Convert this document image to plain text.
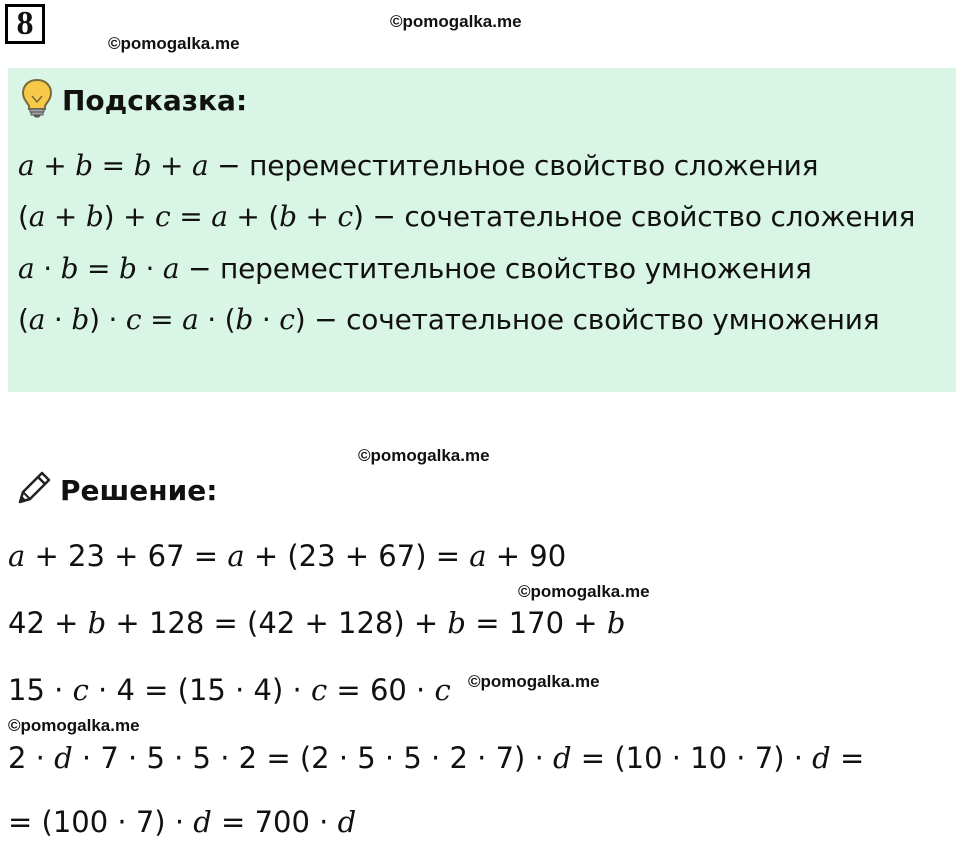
8	©pomogalka.me
©pomogalka.me
©pomogalka.me
©pomogalka.me
©pomogalka.me
©pomogalka.me
Подсказка:
a + b = b + a − переместительное свойство сложения
(a + b) + c = a + (b + c) − сочетательное свойство сложения
a · b = b · a − переместительное свойство умножения
(a · b) · c = a · (b · c) − сочетательное свойство умножения
Решение:
a + 23 + 67 = a + (23 + 67) = a + 90
42 + b + 128 = (42 + 128) + b = 170 + b
15 · c · 4 = (15 · 4) · c = 60 · c
2 · d · 7 · 5 · 5 · 2 = (2 · 5 · 5 · 2 · 7) · d = (10 · 10 · 7) · d =
= (100 · 7) · d = 700 · d
